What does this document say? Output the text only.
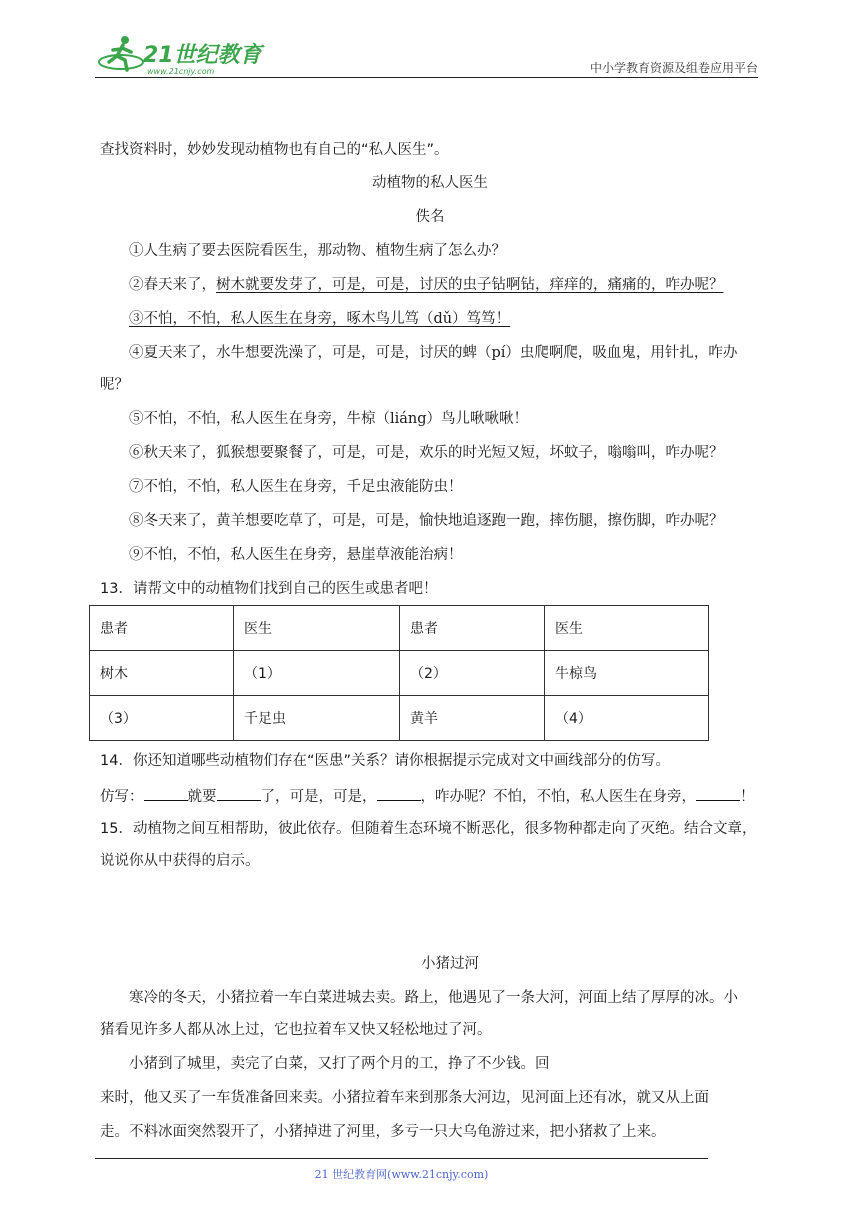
21世纪教育
www.21cnjy.com	中小学教育资源及组卷应用平台
查找资料时，妙妙发现动植物也有自己的“私人医生”。
动植物的私人医生
佚名
①人生病了要去医院看医生，那动物、植物生病了怎么办？
②春天来了，树木就要发芽了，可是，可是，讨厌的虫子钻啊钻，痒痒的，痛痛的，咋办呢？
③不怕，不怕，私人医生在身旁，啄木鸟儿笃（dǔ）笃笃！
④夏天来了，水牛想要洗澡了，可是，可是，讨厌的蜱（pí）虫爬啊爬，吸血鬼，用针扎，咋办
呢？
⑤不怕，不怕，私人医生在身旁，牛椋（liáng）鸟儿啾啾啾！
⑥秋天来了，狐猴想要聚餐了，可是，可是，欢乐的时光短又短，坏蚊子，嗡嗡叫，咋办呢？
⑦不怕，不怕，私人医生在身旁，千足虫液能防虫！
⑧冬天来了，黄羊想要吃草了，可是，可是，愉快地追逐跑一跑，摔伤腿，擦伤脚，咋办呢？
⑨不怕，不怕，私人医生在身旁，悬崖草液能治病！
13．请帮文中的动植物们找到自己的医生或患者吧！
患者	医生	患者	医生
树木	（1）	（2）	牛椋鸟
（3）	千足虫	黄羊	（4）
14．你还知道哪些动植物们存在“医患”关系？请你根据提示完成对文中画线部分的仿写。
仿写：	就要	了，可是，可是，	，咋办呢？不怕，不怕，私人医生在身旁，	！
15．动植物之间互相帮助，彼此依存。但随着生态环境不断恶化，很多物种都走向了灭绝。结合文章，
说说你从中获得的启示。
小猪过河
寒冷的冬天，小猪拉着一车白菜进城去卖。路上，他遇见了一条大河，河面上结了厚厚的冰。小
猪看见许多人都从冰上过，它也拉着车又快又轻松地过了河。
小猪到了城里，卖完了白菜，又打了两个月的工，挣了不少钱。回
来时，他又买了一车货准备回来卖。小猪拉着车来到那条大河边，见河面上还有冰，就又从上面
走。不料冰面突然裂开了，小猪掉进了河里，多亏一只大乌龟游过来，把小猪救了上来。
21 世纪教育网(www.21cnjy.com)
